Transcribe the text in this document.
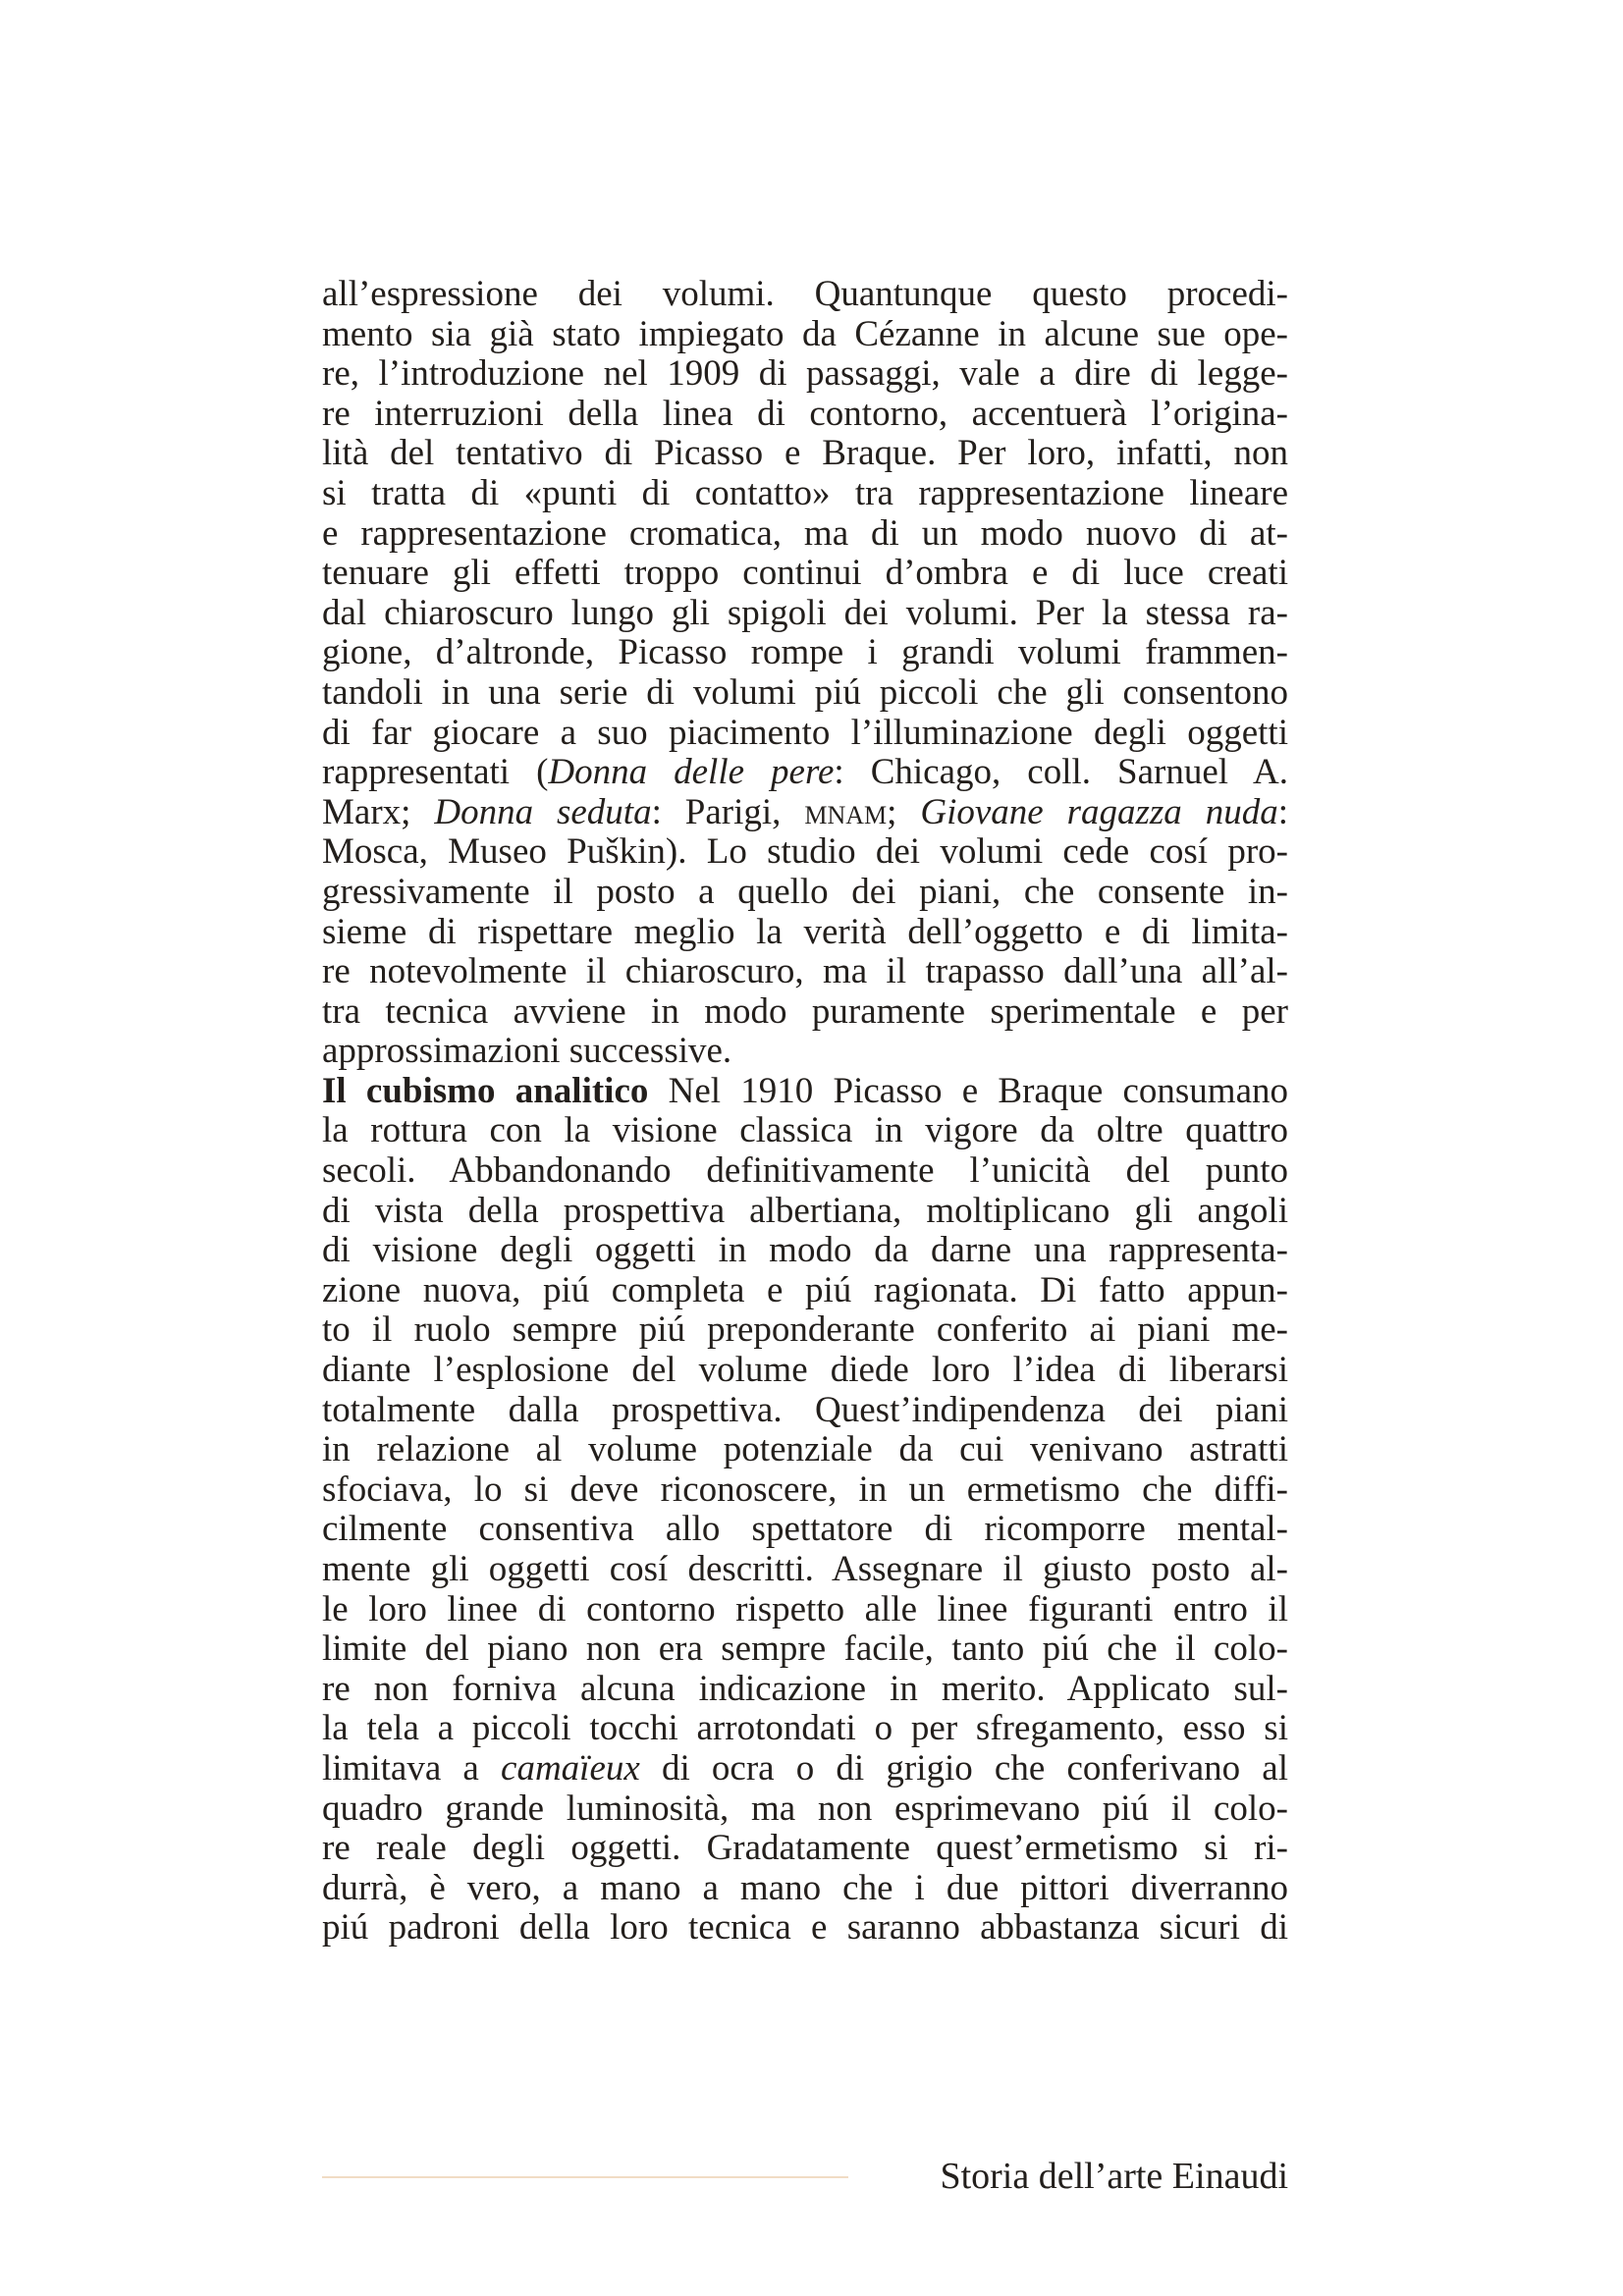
all’espressione dei volumi. Quantunque questo procedi-
mento sia già stato impiegato da Cézanne in alcune sue ope-
re, l’introduzione nel 1909 di passaggi, vale a dire di legge-
re interruzioni della linea di contorno, accentuerà l’origina-
lità del tentativo di Picasso e Braque. Per loro, infatti, non
si tratta di «punti di contatto» tra rappresentazione lineare
e rappresentazione cromatica, ma di un modo nuovo di at-
tenuare gli effetti troppo continui d’ombra e di luce creati
dal chiaroscuro lungo gli spigoli dei volumi. Per la stessa ra-
gione, d’altronde, Picasso rompe i grandi volumi frammen-
tandoli in una serie di volumi piú piccoli che gli consentono
di far giocare a suo piacimento l’illuminazione degli oggetti
rappresentati (Donna delle pere: Chicago, coll. Sarnuel A.
Marx; Donna seduta: Parigi, mnam; Giovane ragazza nuda:
Mosca, Museo Puškin). Lo studio dei volumi cede cosí pro-
gressivamente il posto a quello dei piani, che consente in-
sieme di rispettare meglio la verità dell’oggetto e di limita-
re notevolmente il chiaroscuro, ma il trapasso dall’una all’al-
tra tecnica avviene in modo puramente sperimentale e per
approssimazioni successive.
Il cubismo analitico Nel 1910 Picasso e Braque consumano
la rottura con la visione classica in vigore da oltre quattro
secoli. Abbandonando definitivamente l’unicità del punto
di vista della prospettiva albertiana, moltiplicano gli angoli
di visione degli oggetti in modo da darne una rappresenta-
zione nuova, piú completa e piú ragionata. Di fatto appun-
to il ruolo sempre piú preponderante conferito ai piani me-
diante l’esplosione del volume diede loro l’idea di liberarsi
totalmente dalla prospettiva. Quest’indipendenza dei piani
in relazione al volume potenziale da cui venivano astratti
sfociava, lo si deve riconoscere, in un ermetismo che diffi-
cilmente consentiva allo spettatore di ricomporre mental-
mente gli oggetti cosí descritti. Assegnare il giusto posto al-
le loro linee di contorno rispetto alle linee figuranti entro il
limite del piano non era sempre facile, tanto piú che il colo-
re non forniva alcuna indicazione in merito. Applicato sul-
la tela a piccoli tocchi arrotondati o per sfregamento, esso si
limitava a camaïeux di ocra o di grigio che conferivano al
quadro grande luminosità, ma non esprimevano piú il colo-
re reale degli oggetti. Gradatamente quest’ermetismo si ri-
durrà, è vero, a mano a mano che i due pittori diverranno
piú padroni della loro tecnica e saranno abbastanza sicuri di
Storia dell’arte Einaudi
